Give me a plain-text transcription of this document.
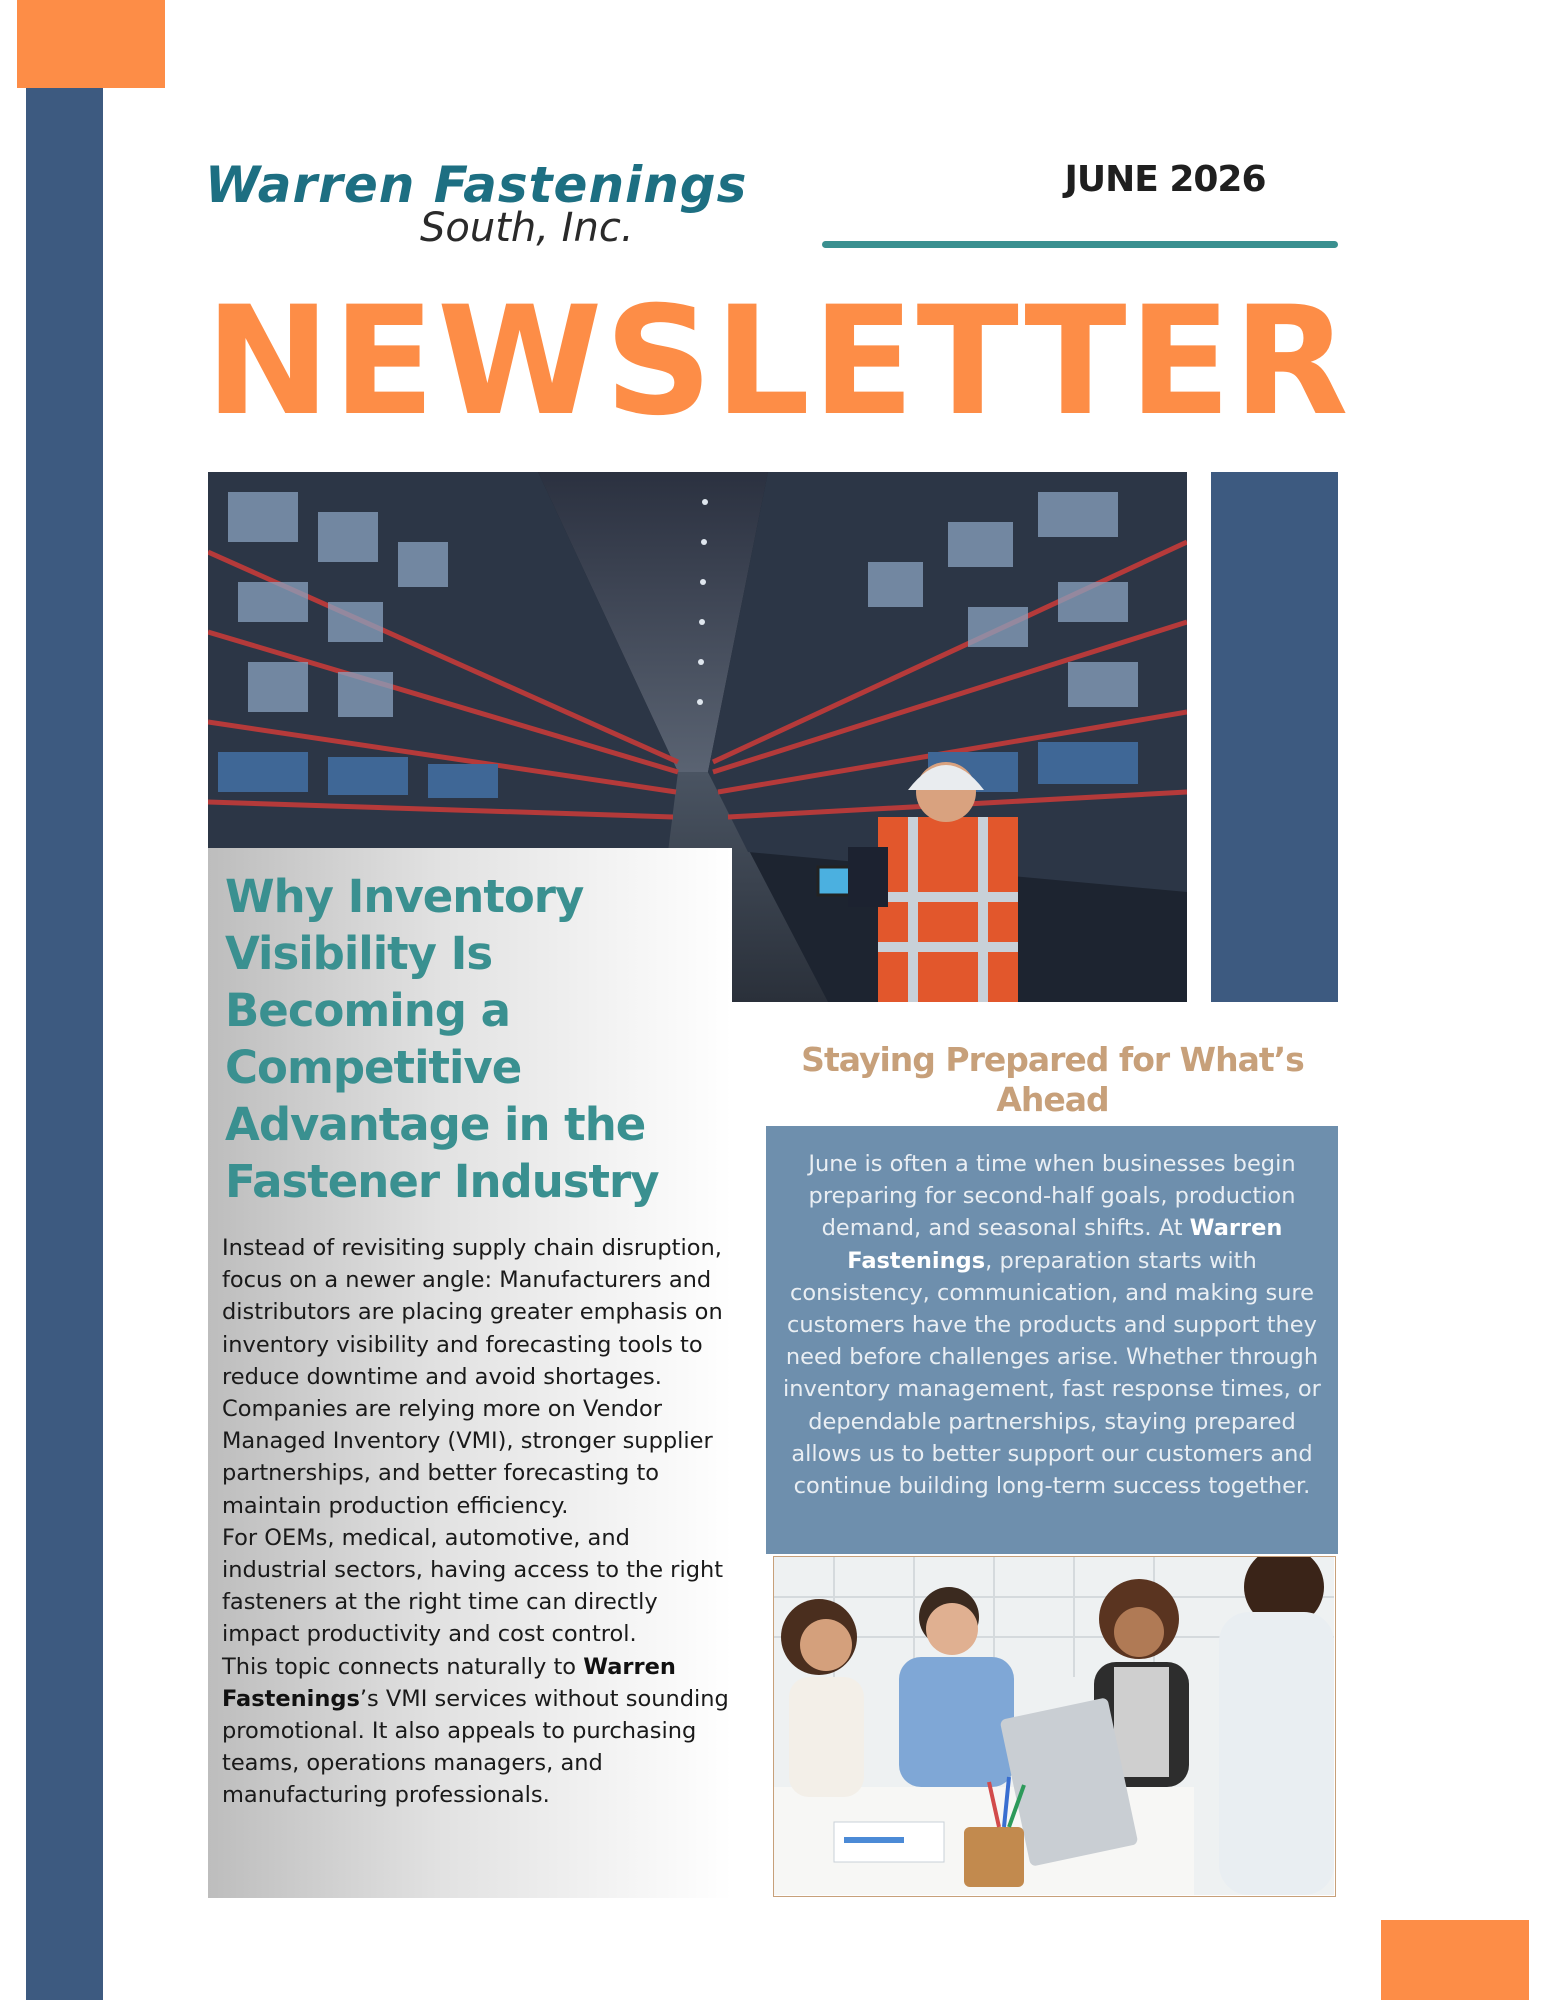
Warren Fastenings
South, Inc.
JUNE 2026
NEWSLETTER
Why Inventory Visibility Is Becoming a Competitive Advantage in the Fastener Industry

Instead of revisiting supply chain disruption, focus on a newer angle: Manufacturers and distributors are placing greater emphasis on inventory visibility and forecasting tools to reduce downtime and avoid shortages. Companies are relying more on Vendor Managed Inventory (VMI), stronger supplier partnerships, and better forecasting to maintain production efficiency.

For OEMs, medical, automotive, and industrial sectors, having access to the right fasteners at the right time can directly impact productivity and cost control.

This topic connects naturally to Warren Fastenings’s VMI services without sounding promotional. It also appeals to purchasing teams, operations managers, and manufacturing professionals.

Staying Prepared for What’s Ahead
June is often a time when businesses begin preparing for second-half goals, production demand, and seasonal shifts. At Warren Fastenings, preparation starts with consistency, communication, and making sure customers have the products and support they need before challenges arise. Whether through inventory management, fast response times, or dependable partnerships, staying prepared allows us to better support our customers and continue building long-term success together.
